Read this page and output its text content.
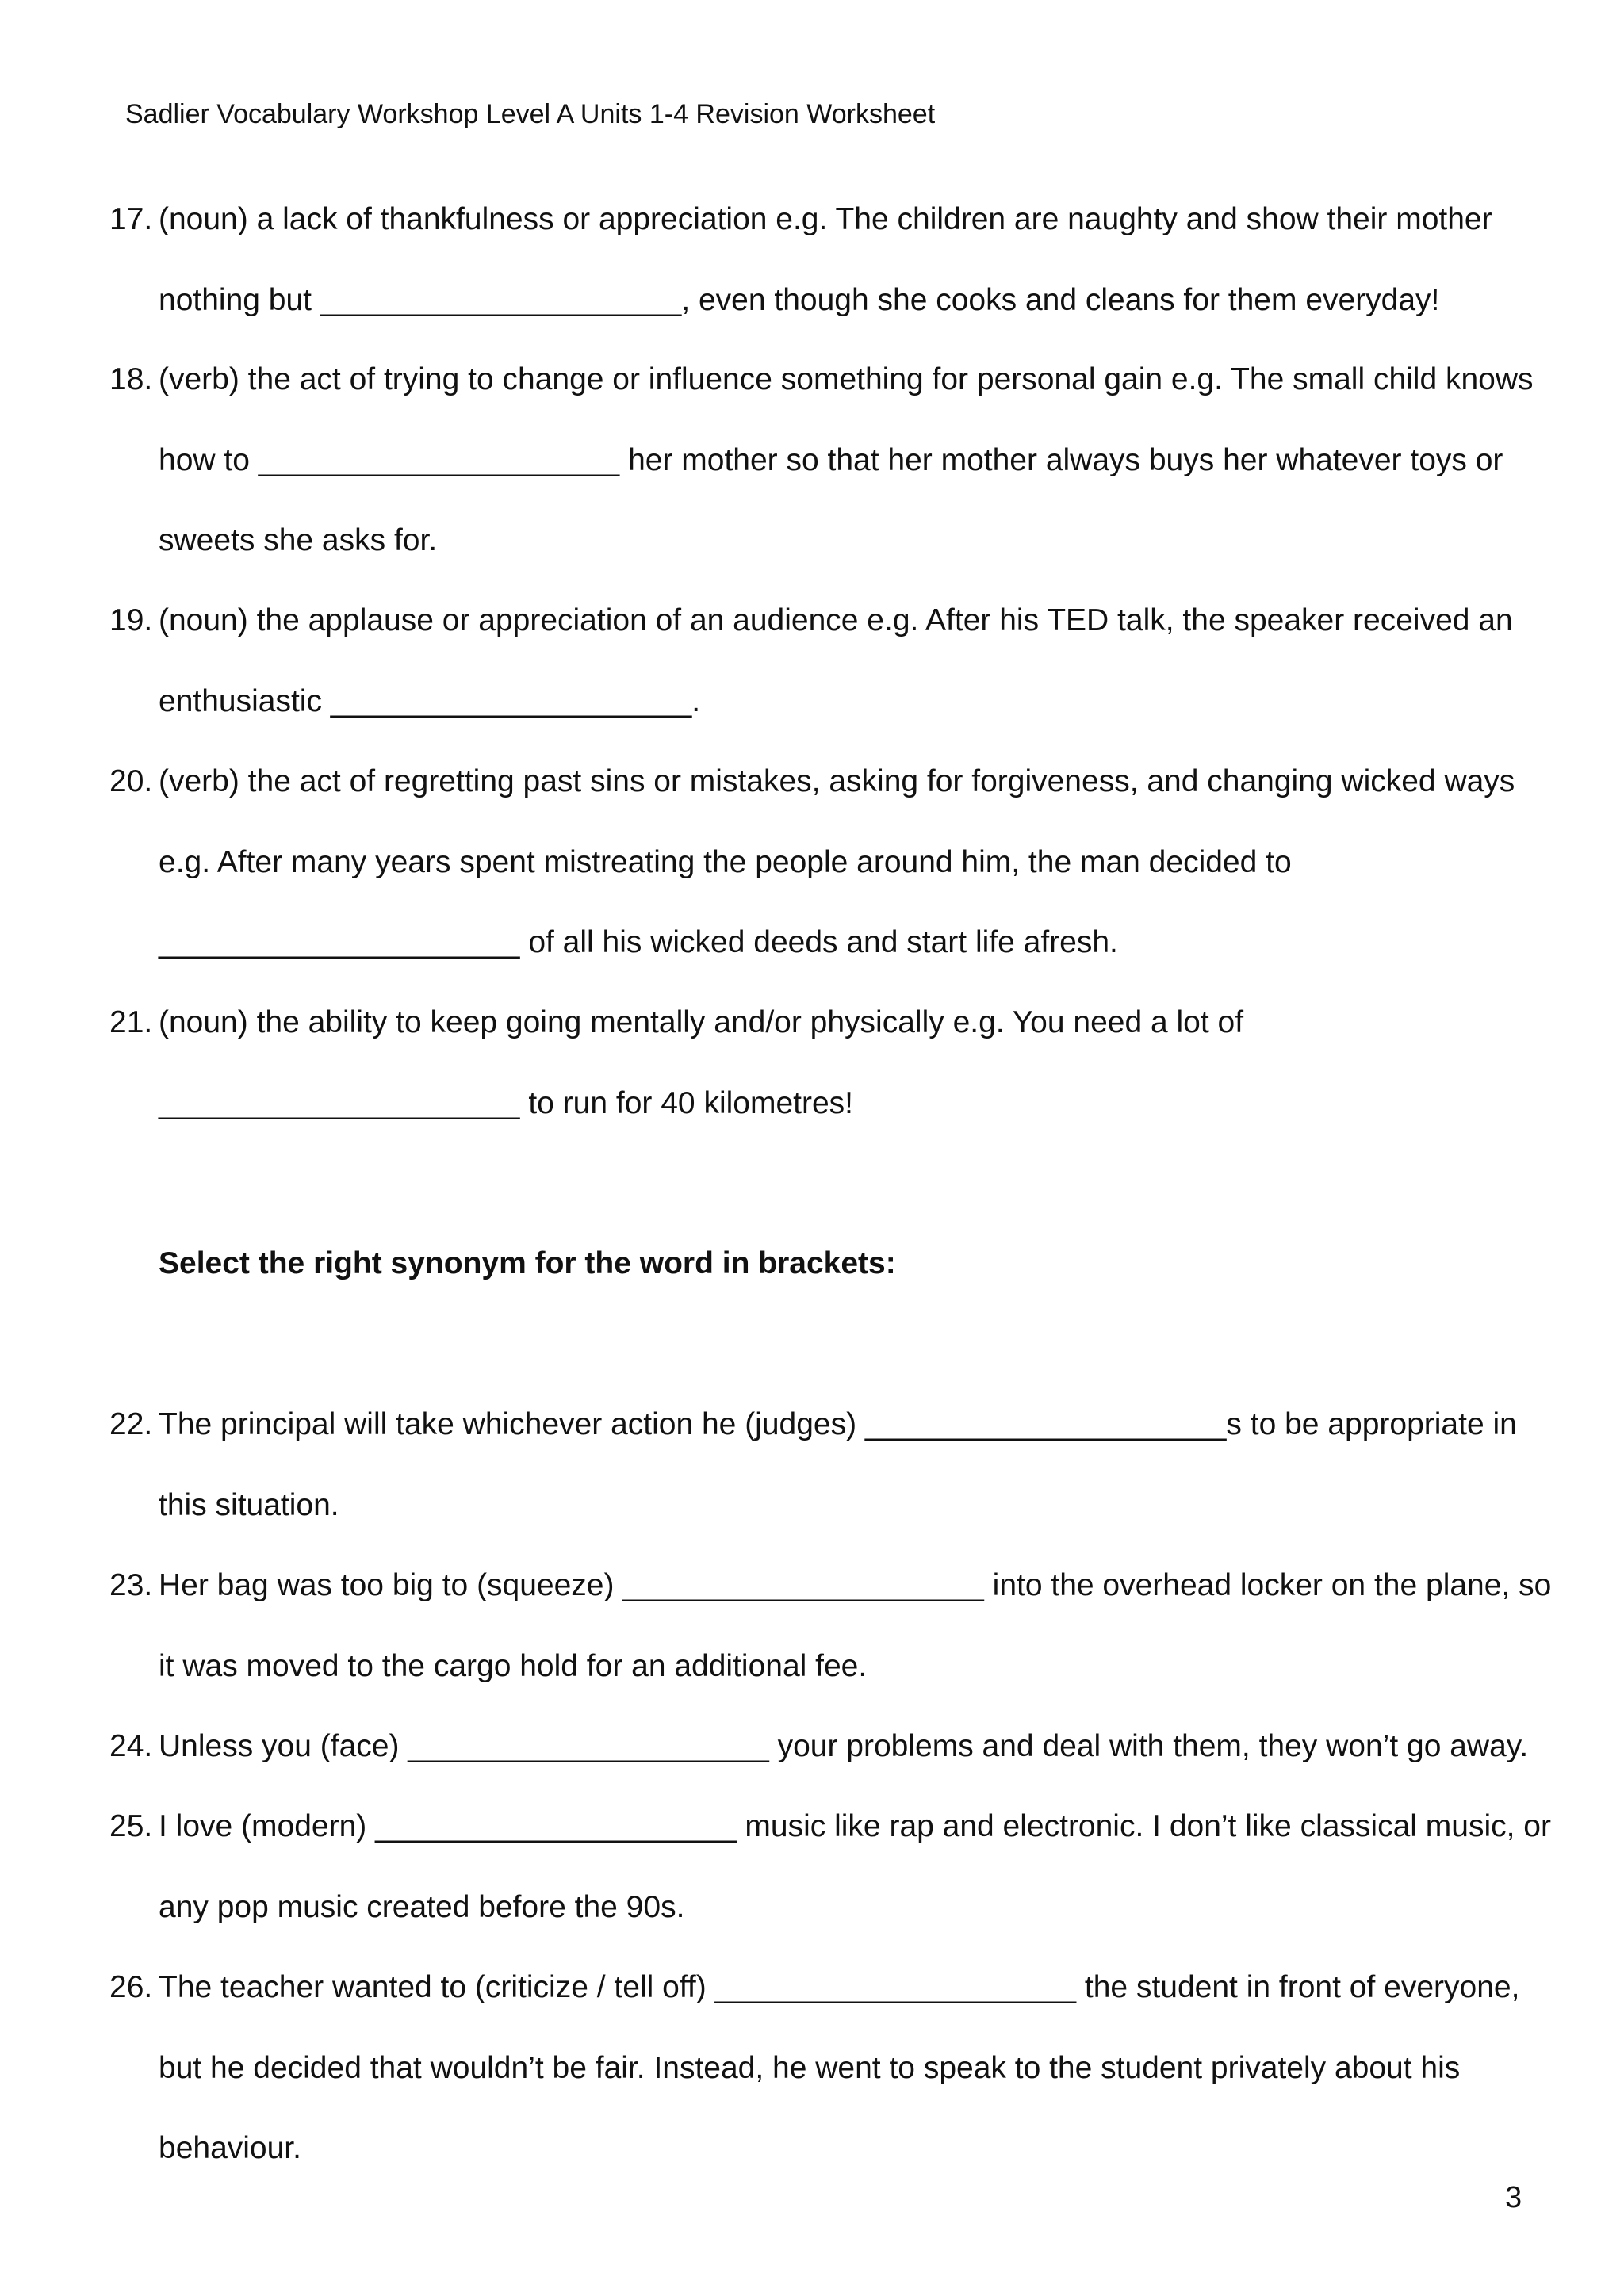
Sadlier Vocabulary Workshop Level A Units 1-4 Revision Worksheet
17. (noun) a lack of thankfulness or appreciation e.g. The children are naughty and show their mother
nothing but _____________________, even though she cooks and cleans for them everyday!
18. (verb) the act of trying to change or influence something for personal gain e.g. The small child knows
how to _____________________ her mother so that her mother always buys her whatever toys or
sweets she asks for.
19. (noun) the applause or appreciation of an audience e.g. After his TED talk, the speaker received an
enthusiastic _____________________.
20. (verb) the act of regretting past sins or mistakes, asking for forgiveness, and changing wicked ways
e.g. After many years spent mistreating the people around him, the man decided to
_____________________ of all his wicked deeds and start life afresh.
21. (noun) the ability to keep going mentally and/or physically e.g. You need a lot of
_____________________ to run for 40 kilometres!
Select the right synonym for the word in brackets:
22. The principal will take whichever action he (judges) _____________________s to be appropriate in
this situation.
23. Her bag was too big to (squeeze) _____________________ into the overhead locker on the plane, so
it was moved to the cargo hold for an additional fee.
24. Unless you (face) _____________________ your problems and deal with them, they won’t go away.
25. I love (modern) _____________________ music like rap and electronic. I don’t like classical music, or
any pop music created before the 90s.
26. The teacher wanted to (criticize / tell off) _____________________ the student in front of everyone,
but he decided that wouldn’t be fair. Instead, he went to speak to the student privately about his
behaviour.
3
